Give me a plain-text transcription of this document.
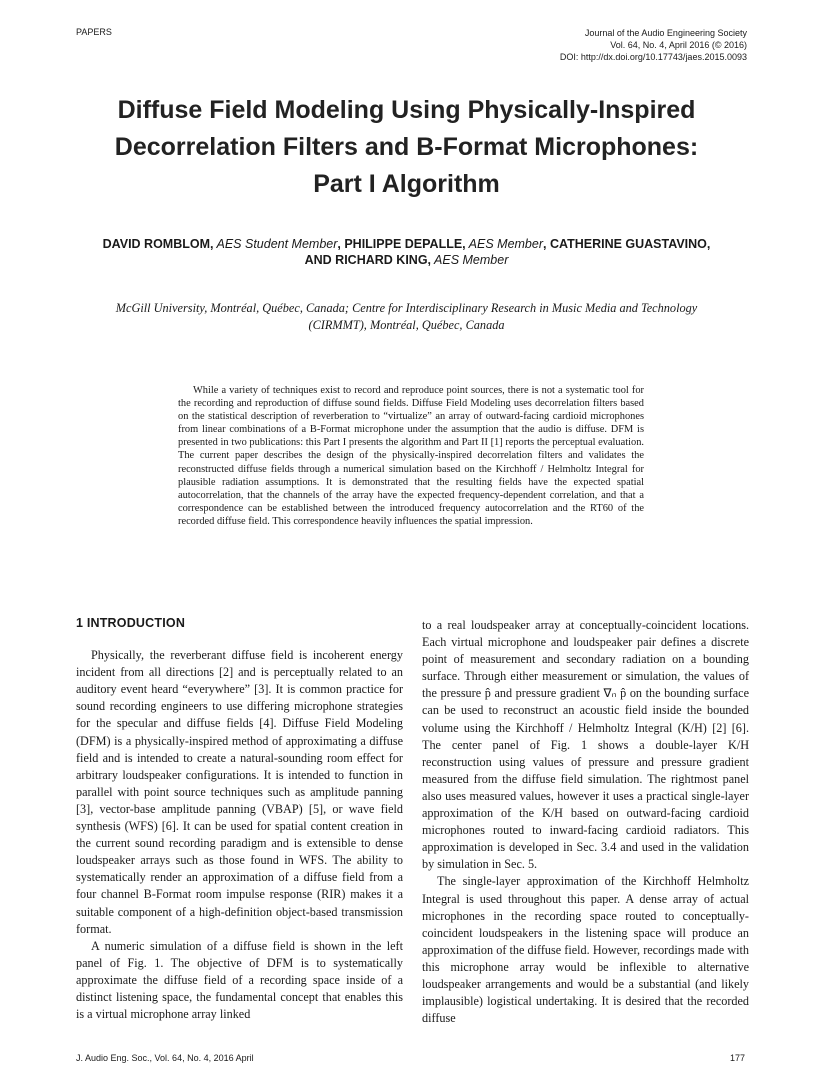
PAPERS	Journal of the Audio Engineering Society
Vol. 64, No. 4, April 2016 (© 2016)
DOI: http://dx.doi.org/10.17743/jaes.2015.0093
Diffuse Field Modeling Using Physically-Inspired
Decorrelation Filters and B-Format Microphones:
Part I Algorithm
DAVID ROMBLOM, AES Student Member, PHILIPPE DEPALLE, AES Member, CATHERINE GUASTAVINO,
AND RICHARD KING, AES Member
McGill University, Montréal, Québec, Canada; Centre for Interdisciplinary Research in Music Media and Technology
(CIRMMT), Montréal, Québec, Canada

While a variety of techniques exist to record and reproduce point sources, there is not a systematic tool for the recording and reproduction of diffuse sound fields. Diffuse Field Modeling uses decorrelation filters based on the statistical description of reverberation to “virtualize” an array of outward-facing cardioid microphones from linear combinations of a B-Format microphone under the assumption that the audio is diffuse. DFM is presented in two publications: this Part I presents the algorithm and Part II [1] reports the perceptual evaluation. The current paper describes the design of the physically-inspired decorrelation filters and validates the reconstructed diffuse fields through a numerical simulation based on the Kirchhoff / Helmholtz Integral for plausible radiation assumptions. It is demonstrated that the resulting fields have the expected spatial autocorrelation, that the channels of the array have the expected frequency-dependent correlation, and that a correspondence can be established between the introduced frequency autocorrelation and the RT60 of the recorded diffuse field. This correspondence heavily influences the spatial impression.

1 INTRODUCTION

Physically, the reverberant diffuse field is incoherent energy incident from all directions [2] and is perceptually related to an auditory event heard “everywhere” [3]. It is common practice for sound recording engineers to use differing microphone strategies for the specular and diffuse fields [4]. Diffuse Field Modeling (DFM) is a physically-inspired method of approximating a diffuse field and is intended to create a natural-sounding room effect for arbitrary loudspeaker configurations. It is intended to function in parallel with point source techniques such as amplitude panning [3], vector-base amplitude panning (VBAP) [5], or wave field synthesis (WFS) [6]. It can be used for spatial content creation in the current sound recording paradigm and is extensible to dense loudspeaker arrays such as those found in WFS. The ability to systematically render an approximation of a diffuse field from a four channel B-Format room impulse response (RIR) makes it a suitable component of a high-definition object-based transmission format.

A numeric simulation of a diffuse field is shown in the left panel of Fig. 1. The objective of DFM is to systematically approximate the diffuse field of a recording space inside of a distinct listening space, the fundamental concept that enables this is a virtual microphone array linked

to a real loudspeaker array at conceptually-coincident locations. Each virtual microphone and loudspeaker pair defines a discrete point of measurement and secondary radiation on a bounding surface. Through either measurement or simulation, the values of the pressure p̂ and pressure gradient ∇ₙ p̂ on the bounding surface can be used to reconstruct an acoustic field inside the bounded volume using the Kirchhoff / Helmholtz Integral (K/H) [2] [6]. The center panel of Fig. 1 shows a double-layer K/H reconstruction using values of pressure and pressure gradient measured from the diffuse field simulation. The rightmost panel also uses measured values, however it uses a practical single-layer approximation of the K/H based on outward-facing cardioid microphones routed to inward-facing cardioid radiators. This approximation is developed in Sec. 3.4 and used in the validation by simulation in Sec. 5.

The single-layer approximation of the Kirchhoff Helmholtz Integral is used throughout this paper. A dense array of actual microphones in the recording space routed to conceptually-coincident loudspeakers in the listening space will produce an approximation of the diffuse field. However, recordings made with this microphone array would be inflexible to alternative loudspeaker arrangements and would be a substantial (and likely implausible) logistical undertaking. It is desired that the recorded diffuse

J. Audio Eng. Soc., Vol. 64, No. 4, 2016 April	177
